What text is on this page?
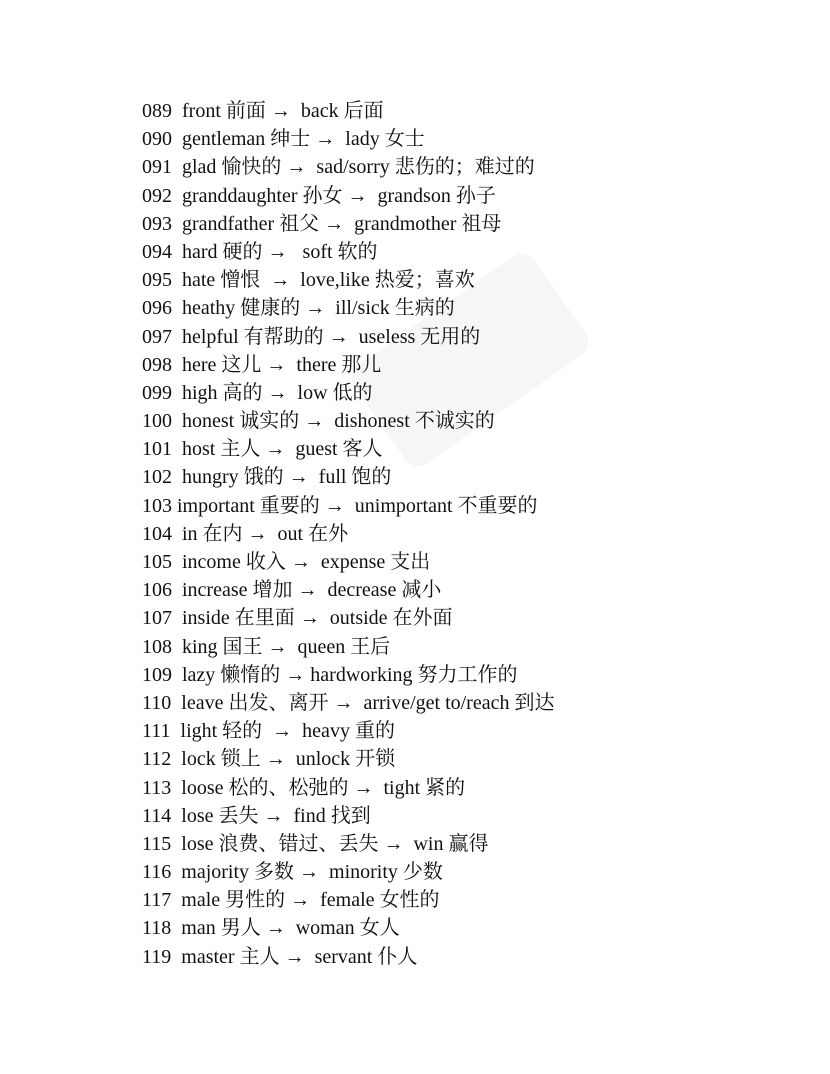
089  front 前面 →  back 后面
090  gentleman 绅士 →  lady 女士
091  glad 愉快的 →  sad/sorry 悲伤的；难过的
092  granddaughter 孙女 →  grandson 孙子
093  grandfather 祖父 →  grandmother 祖母
094  hard 硬的 →   soft 软的
095  hate 憎恨  →  love,like 热爱；喜欢
096  heathy 健康的 →  ill/sick 生病的
097  helpful 有帮助的 →  useless 无用的
098  here 这儿 →  there 那儿
099  high 高的 →  low 低的
100  honest 诚实的 →  dishonest 不诚实的
101  host 主人 →  guest 客人
102  hungry 饿的 →  full 饱的
103 important 重要的 →  unimportant 不重要的
104  in 在内 →  out 在外
105  income 收入 →  expense 支出
106  increase 增加 →  decrease 减小
107  inside 在里面 →  outside 在外面
108  king 国王 →  queen 王后
109  lazy 懒惰的 → hardworking 努力工作的
110  leave 出发、离开 →  arrive/get to/reach 到达
111  light 轻的  →  heavy 重的
112  lock 锁上 →  unlock 开锁
113  loose 松的、松弛的 →  tight 紧的
114  lose 丢失 →  find 找到
115  lose 浪费、错过、丢失 →  win 赢得
116  majority 多数 →  minority 少数
117  male 男性的 →  female 女性的
118  man 男人 →  woman 女人
119  master 主人 →  servant 仆人
